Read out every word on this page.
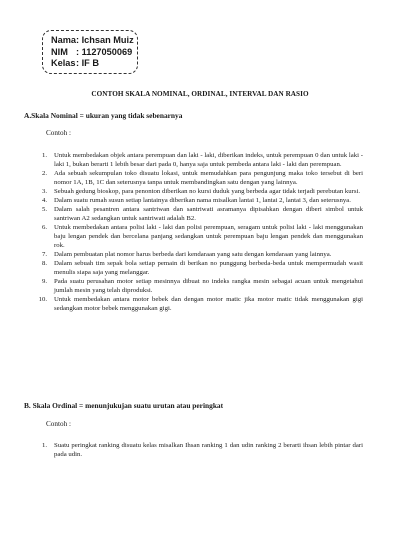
Nama : Ichsan Muiz
NIM : 1127050069
Kelas : IF B
CONTOH SKALA NOMINAL, ORDINAL, INTERVAL DAN RASIO
A.Skala Nominal = ukuran yang tidak sebenarnya
Contoh :
1.	Untuk membedakan objek antara perempuan dan laki - laki, diberikan indeks, untuk perempuan 0 dan untuk laki - laki 1, bukan berarti 1 lebih besar dari pada 0, hanya saja untuk pembeda antara laki - laki dan perempuan.
2.	Ada sebuah sekumpulan toko disuatu lokasi, untuk memudahkan para pengunjung maka toko tersebut di beri nomor 1A, 1B, 1C dan seterusnya tanpa untuk membandingkan satu dengan yang lainnya.
3.	Sebuah gedung bioskop, para penonton diberikan no kursi duduk yang berbeda agar tidak terjadi perebutan kursi.
4.	Dalam suatu rumah susun setiap lantainya diberikan nama misalkan lantai 1, lantai 2, lantai 3, dan seterusnya.
5.	Dalam salah pesantren antara santriwan dan santriwati asramanya dipisahkan dengan diberi simbol untuk santriwan A2 sedangkan untuk santriwati adalah B2.
6.	Untuk membedakan antara polisi laki - laki dan polisi perempuan, seragam untuk polisi laki - laki menggunakan baju lengan pendek dan bercelana panjang sedangkan untuk perempuan baju lengan pendek dan menggunakan rok.
7.	Dalam pembuatan plat nomor harus berbeda dari kendaraan yang satu dengan kendaraan yang lainnya.
8.	Dalam sebuah tim sepak bola setiap pemain di berikan no punggung berbeda-beda untuk mempermudah wasit menulis siapa saja yang melanggar.
9.	Pada suatu perusahan motor setiap mesinnya dibuat no indeks rangka mesin sebagai acuan untuk mengetahui jumlah mesin yang telah diproduksi.
10.	Untuk membedakan antara motor bebek dan dengan motor matic jika motor matic tidak menggunakan gigi sedangkan motor bebek menggunakan gigi.
B. Skala Ordinal = menunjukujan suatu urutan atau peringkat
Contoh :
1.	Suatu peringkat ranking disuatu kelas misalkan Ihsan ranking 1 dan udin ranking 2 berarti ihsan lebih pintar dari pada udin.
